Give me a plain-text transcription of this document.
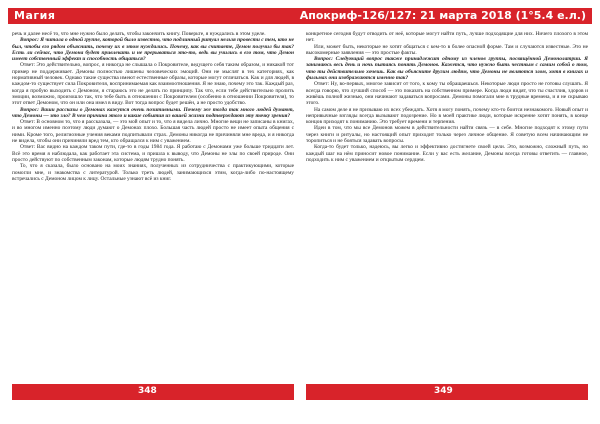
Магия	Апокриф-126/127: 21 марта 2018 (1°5.4 е.л.)

речь и далее несё то, что мне нужно было делать, чтобы закончить книгу. Поверьте, я нуждались в этом уделе.

Вопрос: Я читала о одной группе, которой было известно, что подлинный ритуал нельзя провести с тем, кто не был, чтобы его рядом объяснить, почему их в этом нуждались. Почему, как вы считаете, Демон получил бы так? Есть ли сейчас, что Демона будет привлекать и не прерываться это-то, ведь вы учились в его том, что Демон имеет собственный эффект и способность общаться?

Ответ: Это действительно, вопрос, я никогда не слышала о Покровителе, ведущего себя таким образом, и никакой тот пример не поддерживает. Демоны полностью лишены человеческих эмоций. Они не мыслят в тех категориях, как нормативный человек. Однако такие существа имеют естественные образы, которые могут отличаться. Как и для людей, в каждом-то существует сила Покровителя, воспринимаемая как взаимоотношения. Я не знаю, почему это так. Каждый раз, когда я пробую выходить с Демоном, я стараюсь это не делать по принципу. Так что, если тебе действительно пролить эмоции, возможно, произошло так, что тебе быть в отношении с Покровителем (особенно в отношении Покровителя), то этот ответ Демоном, что он или она имел в виду. Вот тогда вопрос будет решён, а не просто удобство.

Вопрос: Ваши рассказы о Демонах кажутся очень позитивными. Почему же тогда так много людей думают, что Демоны — это зло? В чем причина этого и какие события из вашей жизни подтверждают эту точку зрения?

Ответ: В основном то, что я рассказала, — это мой опыт и то, что я видела лично. Многие вещи не записаны в книгах, и во многом именно поэтому люди думают о Демонах плохо. Большая часть людей просто не имеет опыта общения с ними. Кроме того, религиозные учения веками подпитывали страх. Демоны никогда не причиняли мне вреда, и я никогда не видела, чтобы они причиняли вред тем, кто обращался к ним с уважением.

Ответ: Вас видно на каждом таком пути, где-то в годы 1984 года. Я работаю с Демонами уже больше тридцати лет. Всё это время я наблюдала, как работает эта система, и пришла к выводу, что Демоны не злы по своей природе. Они просто действуют по собственным законам, которые людям трудно понять.

То, что я сказала, было основано на моих знаниях, полученных из сотрудничества с практикующими, которые помогли мне, и знакомства с литературой. Только треть людей, занимающихся этим, когда-либо по-настоящему встречались с Демоном лицом к лицу. Остальные узнают всё из книг.

конкретное сегодня будут отводить от неё, которые могут найти путь, лучше подходящие для них. Ничего плохого в этом нет.

Или, может быть, некоторые не хотят общаться с кем-то в более опасной форме. Там и случаются известные. Это не высокомерные заявления — это простые факты.

Вопрос: Следующий вопрос также принадлежит одному из членов группы, посвящённой Демонолатрии. Я занимаюсь весь день и ночь пытаясь понять Демонов. Кажется, что нужно быть честным с самим собой о том, что ты действительно хочешь. Как вы объясните другим людям, что Демоны не являются злом, хотя в книгах и фильмах они изображаются именно так?

Ответ: Ну, во-первых, многое зависит от того, к кому ты обращаешься. Некоторые люди просто не готовы слушать. Я всегда говорю, что лучший способ — это показать на собственном примере. Когда люди видят, что ты счастлив, здоров и живёшь полной жизнью, они начинают задаваться вопросами. Демоны помогали мне в трудные времена, и я не скрываю этого.

На самом деле я не призываю их всех убеждать. Хотя я могу понять, почему кто-то боится незнакомого. Новый опыт и непривычные взгляды всегда вызывают подозрение. Но в моей практике люди, которые искренне хотят понять, в конце концов приходят к пониманию. Это требует времени и терпения.

Идеи в том, что мы все Демонов можем в действительности найти связь — в себе. Многие подходят к этому пути через книги и ритуалы, но настоящий опыт приходит только через личное общение. Я советую всем начинающим не торопиться и не бояться задавать вопросы.

Когда-то будет только, надеюсь, вы легко и эффективно достигнете своей цели. Это, возможно, сложный путь, но каждый шаг на нём приносит новое понимание. Если у вас есть желание, Демоны всегда готовы ответить — главное, подходить к ним с уважением и открытым сердцем.

348	349
